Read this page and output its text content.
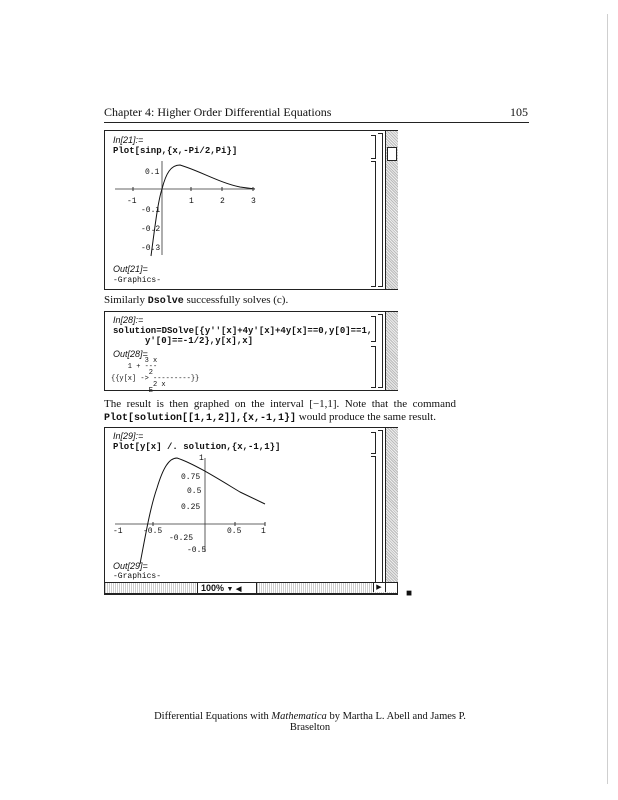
Chapter 4: Higher Order Differential Equations	105
In[21]:=
Plot[sinp,{x,-Pi/2,Pi}]
-1	1	2	3
0.1
-0.1
-0.2
-0.3
Out[21]=
-Graphics-
Similarly Dsolve successfully solves (c).
In[28]:=
solution=DSolve[{y''[x]+4y'[x]+4y[x]==0,y[0]==1,
y'[0]==-1/2},y[x],x]
Out[28]=
3 x
1 + ---
2
{{y[x] -> ---------}}
2 x
E
The  result  is  then  graphed  on  the  interval  [−1,1].  Note  that  the  command
Plot[solution[[1,1,2]],{x,-1,1}] would produce the same result.
In[29]:=
Plot[y[x] /. solution,{x,-1,1}]
1
0.75
0.5
0.25
-1	-0.5
-0.25
0.5 1
-0.5
Out[29]=
-Graphics-
100% ▼ ◀	▶
■
Differential Equations with Mathematica by Martha L. Abell and James P. Braselton
